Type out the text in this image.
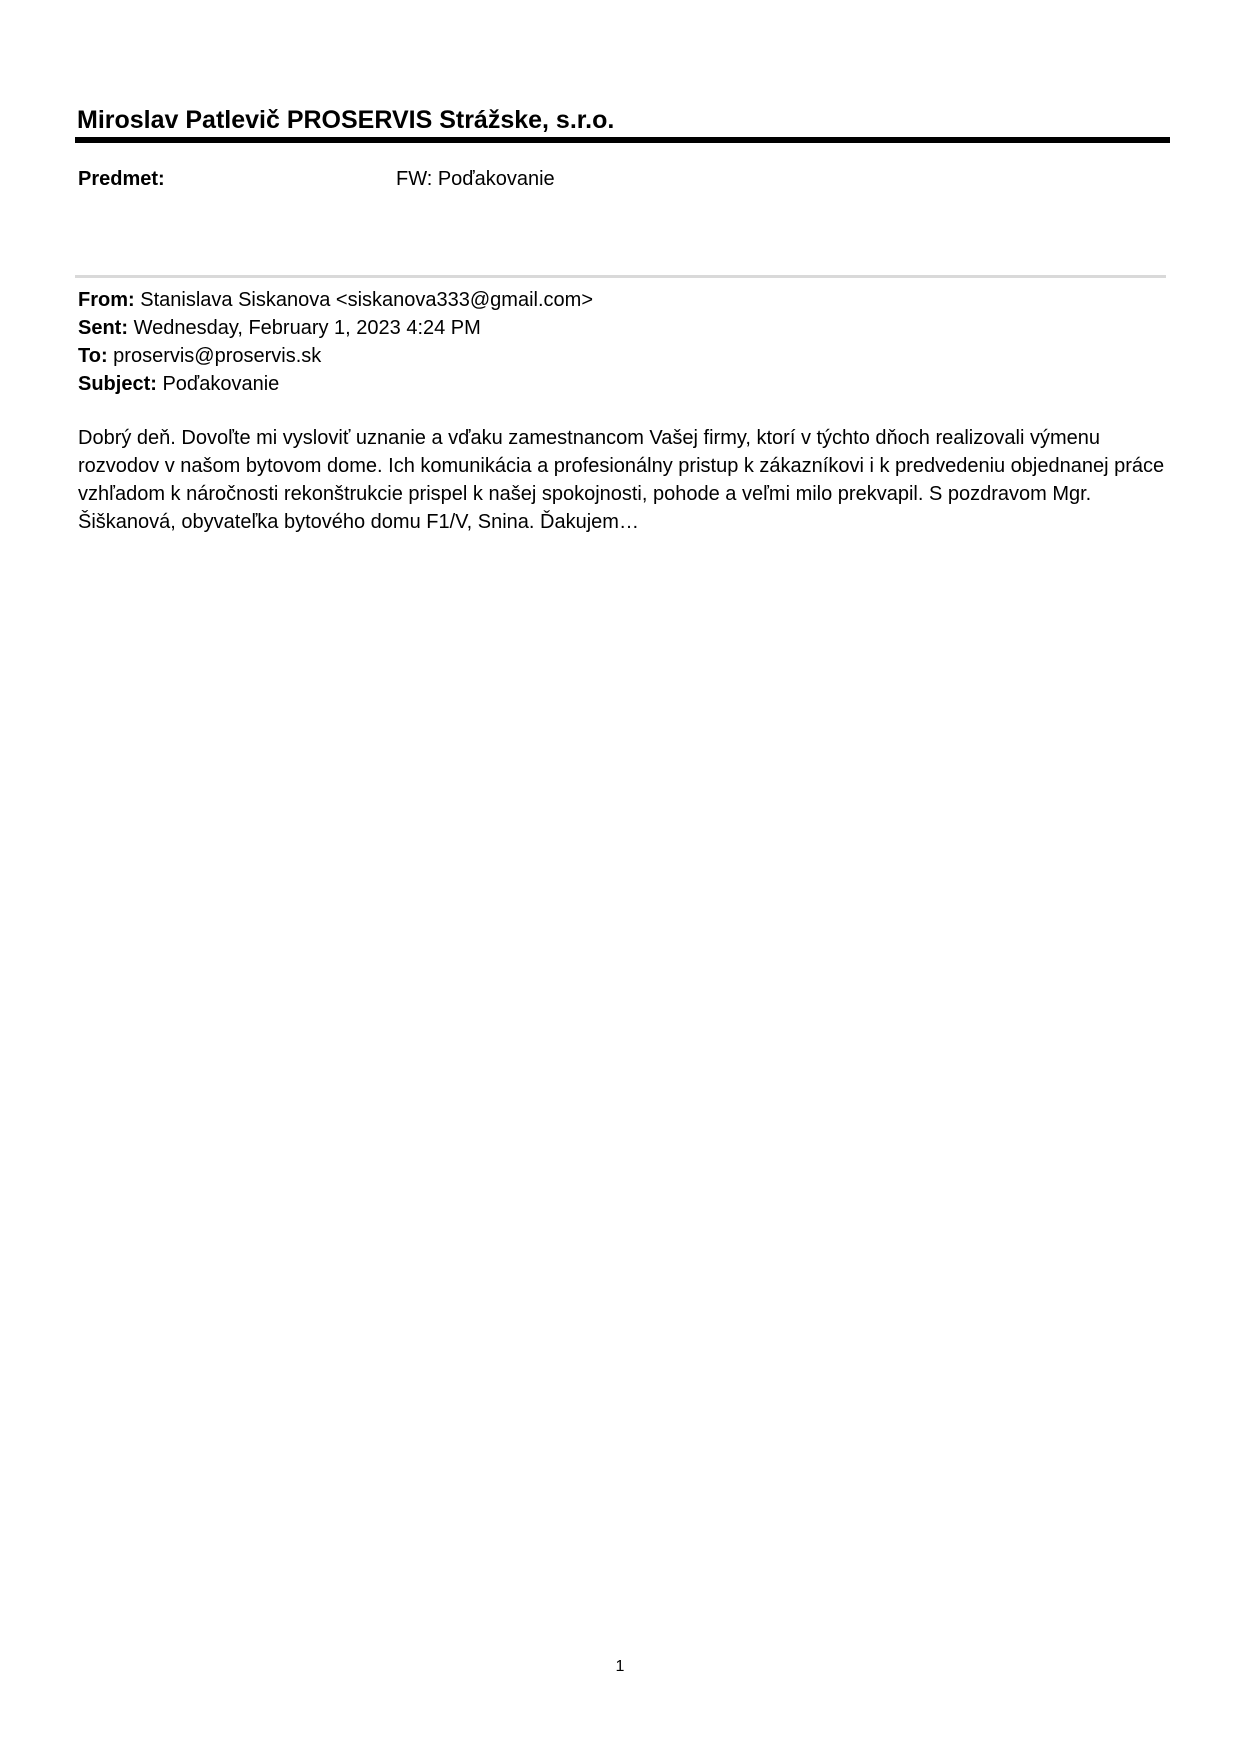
Miroslav Patlevič PROSERVIS Strážske, s.r.o.
Predmet:	FW: Poďakovanie
From: Stanislava Siskanova <siskanova333@gmail.com>
Sent: Wednesday, February 1, 2023 4:24 PM
To: proservis@proservis.sk
Subject: Poďakovanie
Dobrý deň. Dovoľte mi vysloviť uznanie a vďaku zamestnancom Vašej firmy, ktorí v týchto dňoch realizovali výmenu rozvodov v našom bytovom dome. Ich komunikácia a profesionálny pristup k zákazníkovi i k predvedeniu objednanej práce vzhľadom k náročnosti rekonštrukcie prispel k našej spokojnosti, pohode a veľmi milo prekvapil. S pozdravom Mgr. Šiškanová, obyvateľka bytového domu F1/V, Snina. Ďakujem…
1
